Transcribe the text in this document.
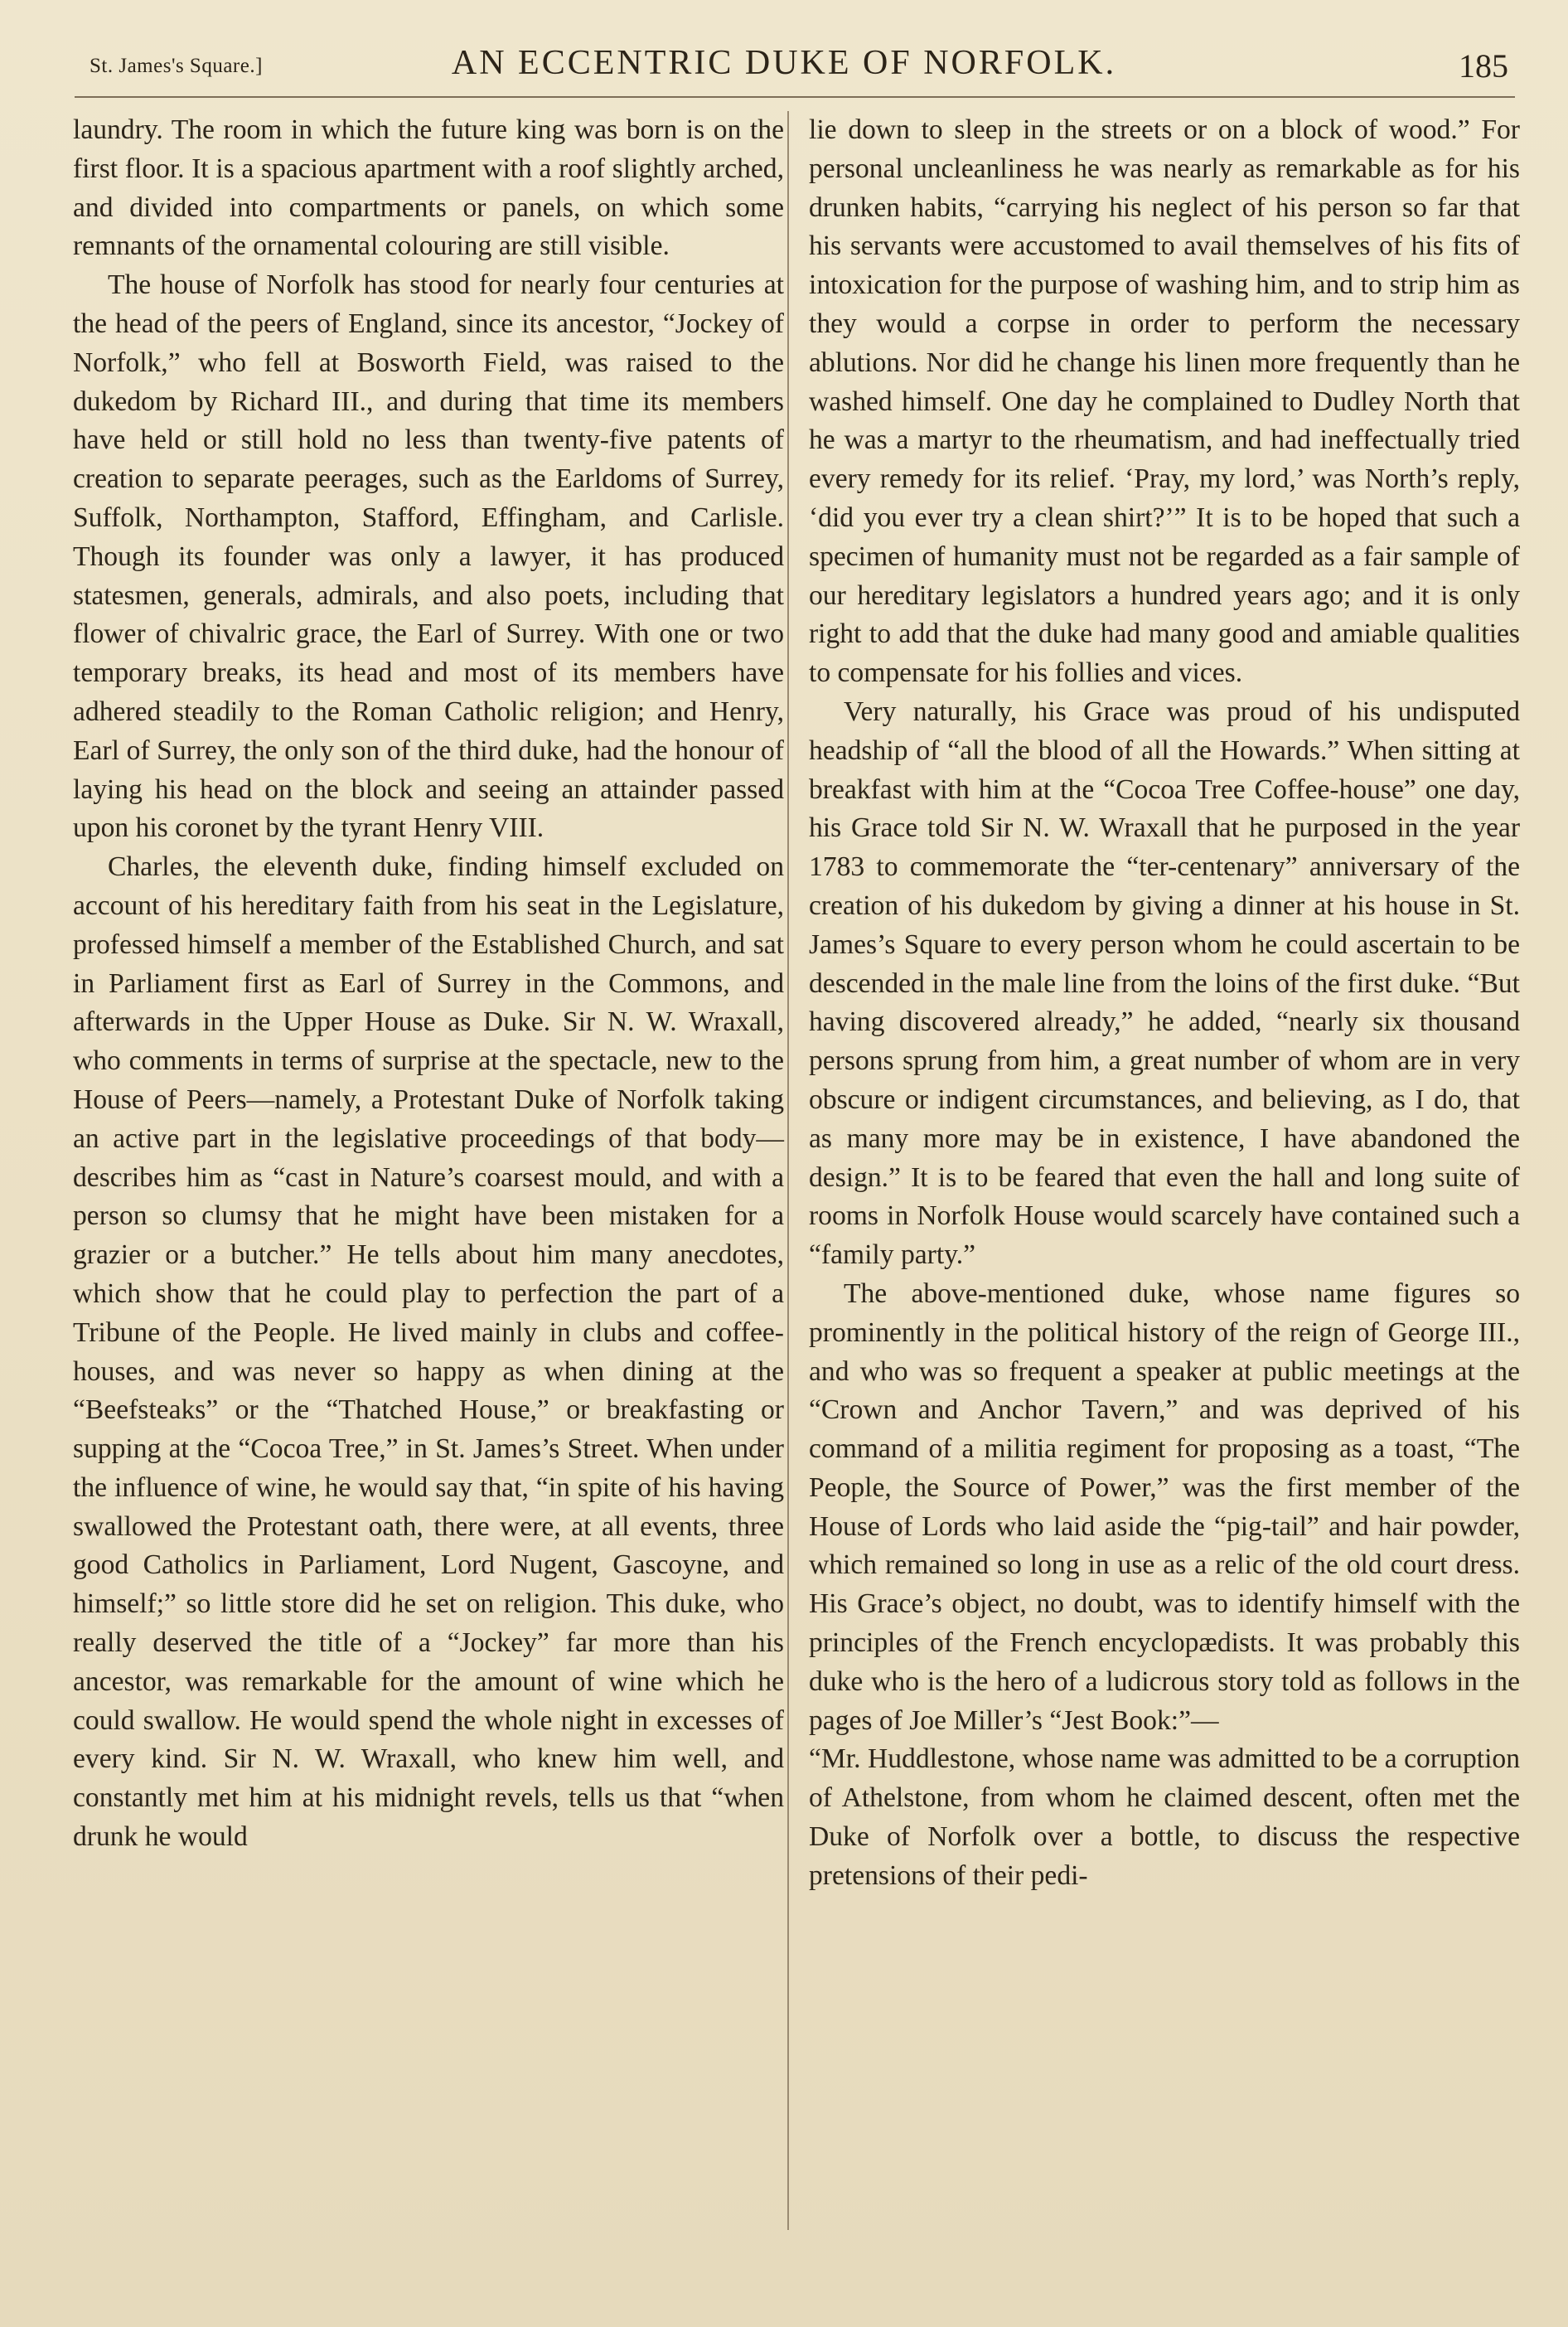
St. James's Square.]	AN ECCENTRIC DUKE OF NORFOLK.	185

laundry. The room in which the future king was born is on the first floor. It is a spacious apartment with a roof slightly arched, and divided into compartments or panels, on which some remnants of the ornamental colouring are still visible.

The house of Norfolk has stood for nearly four centuries at the head of the peers of England, since its ancestor, “Jockey of Norfolk,” who fell at Bosworth Field, was raised to the dukedom by Richard III., and during that time its members have held or still hold no less than twenty-five patents of creation to separate peerages, such as the Earldoms of Surrey, Suffolk, Northampton, Stafford, Effingham, and Carlisle. Though its founder was only a lawyer, it has produced statesmen, generals, admirals, and also poets, including that flower of chivalric grace, the Earl of Surrey. With one or two temporary breaks, its head and most of its members have adhered steadily to the Roman Catholic religion; and Henry, Earl of Surrey, the only son of the third duke, had the honour of laying his head on the block and seeing an attainder passed upon his coronet by the tyrant Henry VIII.

Charles, the eleventh duke, finding himself excluded on account of his hereditary faith from his seat in the Legislature, professed himself a member of the Established Church, and sat in Parliament first as Earl of Surrey in the Commons, and afterwards in the Upper House as Duke. Sir N. W. Wraxall, who comments in terms of surprise at the spectacle, new to the House of Peers—namely, a Protestant Duke of Norfolk taking an active part in the legislative proceedings of that body—describes him as “cast in Nature’s coarsest mould, and with a person so clumsy that he might have been mistaken for a grazier or a butcher.” He tells about him many anecdotes, which show that he could play to perfection the part of a Tribune of the People. He lived mainly in clubs and coffee-houses, and was never so happy as when dining at the “Beefsteaks” or the “Thatched House,” or breakfasting or supping at the “Cocoa Tree,” in St. James’s Street. When under the influence of wine, he would say that, “in spite of his having swallowed the Protestant oath, there were, at all events, three good Catholics in Parliament, Lord Nugent, Gascoyne, and himself;” so little store did he set on religion. This duke, who really deserved the title of a “Jockey” far more than his ancestor, was remarkable for the amount of wine which he could swallow. He would spend the whole night in excesses of every kind. Sir N. W. Wraxall, who knew him well, and constantly met him at his midnight revels, tells us that “when drunk he would

lie down to sleep in the streets or on a block of wood.” For personal uncleanliness he was nearly as remarkable as for his drunken habits, “carrying his neglect of his person so far that his servants were accustomed to avail themselves of his fits of intoxication for the purpose of washing him, and to strip him as they would a corpse in order to perform the necessary ablutions. Nor did he change his linen more frequently than he washed himself. One day he complained to Dudley North that he was a martyr to the rheumatism, and had ineffectually tried every remedy for its relief. ‘Pray, my lord,’ was North’s reply, ‘did you ever try a clean shirt?’” It is to be hoped that such a specimen of humanity must not be regarded as a fair sample of our hereditary legislators a hundred years ago; and it is only right to add that the duke had many good and amiable qualities to compensate for his follies and vices.

Very naturally, his Grace was proud of his undisputed headship of “all the blood of all the Howards.” When sitting at breakfast with him at the “Cocoa Tree Coffee-house” one day, his Grace told Sir N. W. Wraxall that he purposed in the year 1783 to commemorate the “ter-centenary” anniversary of the creation of his dukedom by giving a dinner at his house in St. James’s Square to every person whom he could ascertain to be descended in the male line from the loins of the first duke. “But having discovered already,” he added, “nearly six thousand persons sprung from him, a great number of whom are in very obscure or indigent circumstances, and believing, as I do, that as many more may be in existence, I have abandoned the design.” It is to be feared that even the hall and long suite of rooms in Norfolk House would scarcely have contained such a “family party.”

The above-mentioned duke, whose name figures so prominently in the political history of the reign of George III., and who was so frequent a speaker at public meetings at the “Crown and Anchor Tavern,” and was deprived of his command of a militia regiment for proposing as a toast, “The People, the Source of Power,” was the first member of the House of Lords who laid aside the “pig-tail” and hair powder, which remained so long in use as a relic of the old court dress. His Grace’s object, no doubt, was to identify himself with the principles of the French encyclopædists. It was probably this duke who is the hero of a ludicrous story told as follows in the pages of Joe Miller’s “Jest Book:”—

“Mr. Huddlestone, whose name was admitted to be a corruption of Athelstone, from whom he claimed descent, often met the Duke of Norfolk over a bottle, to discuss the respective pretensions of their pedi-
